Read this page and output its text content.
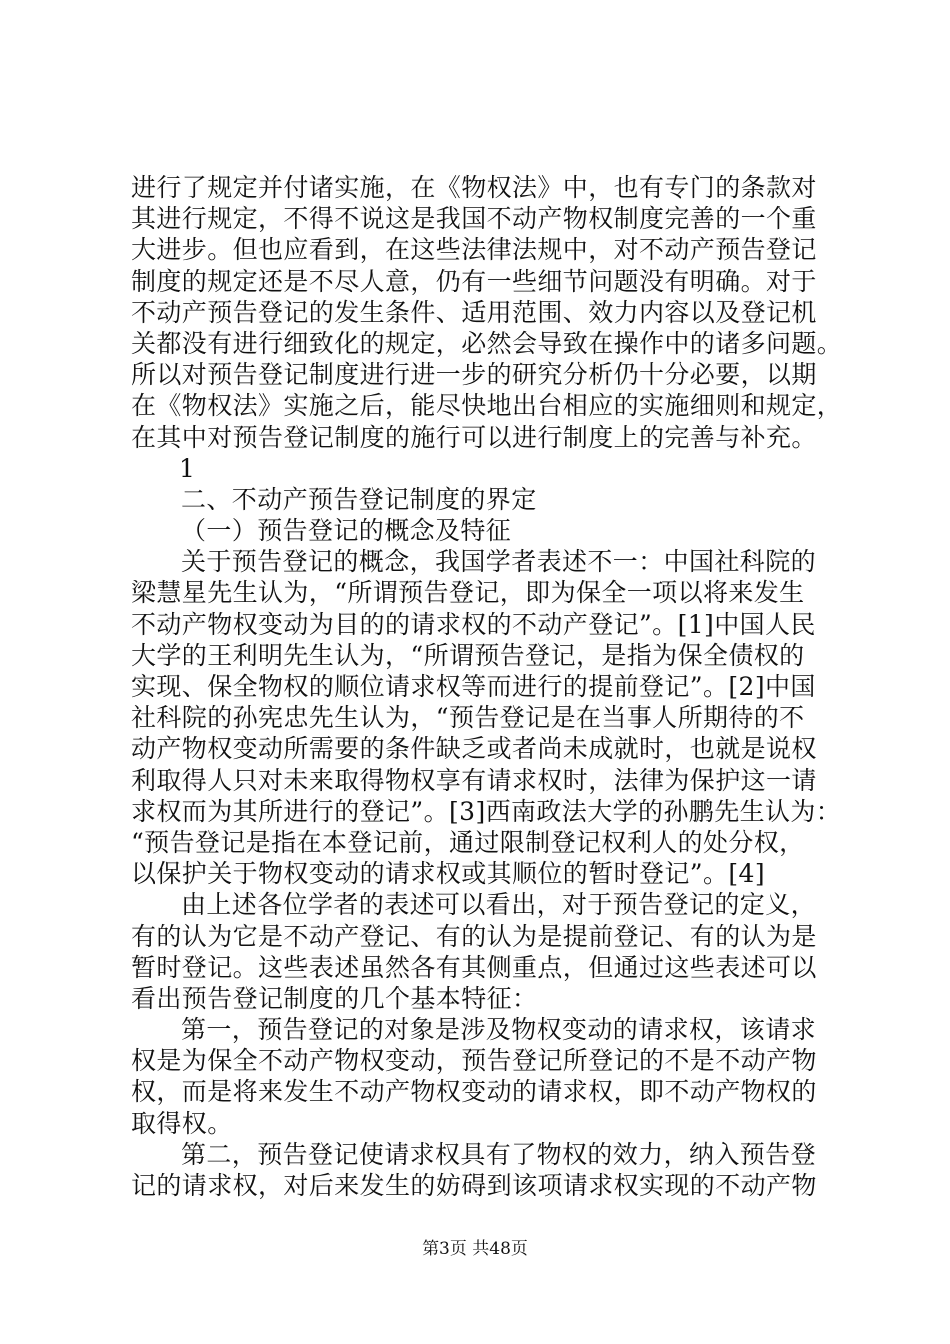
进行了规定并付诸实施，在《物权法》中，也有专门的条款对
其进行规定，不得不说这是我国不动产物权制度完善的一个重
大进步。但也应看到，在这些法律法规中，对不动产预告登记
制度的规定还是不尽人意，仍有一些细节问题没有明确。对于
不动产预告登记的发生条件、适用范围、效力内容以及登记机
关都没有进行细致化的规定，必然会导致在操作中的诸多问题。
所以对预告登记制度进行进一步的研究分析仍十分必要，以期
在《物权法》实施之后，能尽快地出台相应的实施细则和规定，
在其中对预告登记制度的施行可以进行制度上的完善与补充。
1
二、不动产预告登记制度的界定
（一）预告登记的概念及特征
关于预告登记的概念，我国学者表述不一：中国社科院的
梁慧星先生认为，“所谓预告登记，即为保全一项以将来发生
不动产物权变动为目的的请求权的不动产登记”。[1]中国人民
大学的王利明先生认为，“所谓预告登记，是指为保全债权的
实现、保全物权的顺位请求权等而进行的提前登记”。[2]中国
社科院的孙宪忠先生认为，“预告登记是在当事人所期待的不
动产物权变动所需要的条件缺乏或者尚未成就时，也就是说权
利取得人只对未来取得物权享有请求权时，法律为保护这一请
求权而为其所进行的登记”。[3]西南政法大学的孙鹏先生认为：
“预告登记是指在本登记前，通过限制登记权利人的处分权，
以保护关于物权变动的请求权或其顺位的暂时登记”。[4]
由上述各位学者的表述可以看出，对于预告登记的定义，
有的认为它是不动产登记、有的认为是提前登记、有的认为是
暂时登记。这些表述虽然各有其侧重点，但通过这些表述可以
看出预告登记制度的几个基本特征：
第一，预告登记的对象是涉及物权变动的请求权，该请求
权是为保全不动产物权变动，预告登记所登记的不是不动产物
权，而是将来发生不动产物权变动的请求权，即不动产物权的
取得权。
第二，预告登记使请求权具有了物权的效力，纳入预告登
记的请求权，对后来发生的妨碍到该项请求权实现的不动产物
第3页 共48页
